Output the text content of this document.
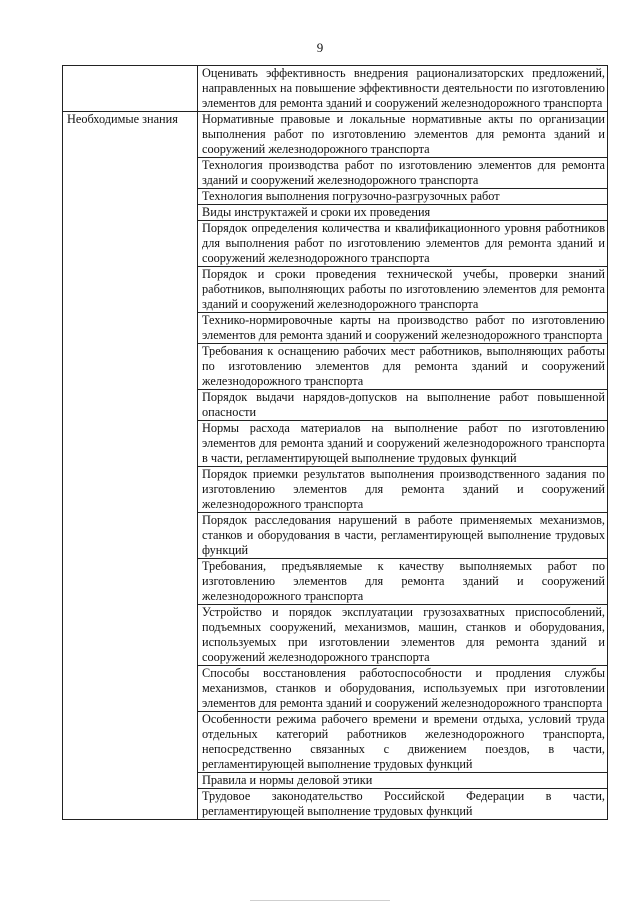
9
	Оценивать эффективность внедрения рационализаторских предложений, направленных на повышение эффективности деятельности по изготовлению элементов для ремонта зданий и сооружений железнодорожного транспорта
Необходимые знания	Нормативные правовые и локальные нормативные акты по организации выполнения работ по изготовлению элементов для ремонта зданий и сооружений железнодорожного транспорта
	Технология производства работ по изготовлению элементов для ремонта зданий и сооружений железнодорожного транспорта
	Технология выполнения погрузочно-разгрузочных работ
	Виды инструктажей и сроки их проведения
	Порядок определения количества и квалификационного уровня работников для выполнения работ по изготовлению элементов для ремонта зданий и сооружений железнодорожного транспорта
	Порядок и сроки проведения технической учебы, проверки знаний работников, выполняющих работы по изготовлению элементов для ремонта зданий и сооружений железнодорожного транспорта
	Технико-нормировочные карты на производство работ по изготовлению элементов для ремонта зданий и сооружений железнодорожного транспорта
	Требования к оснащению рабочих мест работников, выполняющих работы по изготовлению элементов для ремонта зданий и сооружений железнодорожного транспорта
	Порядок выдачи нарядов-допусков на выполнение работ повышенной опасности
	Нормы расхода материалов на выполнение работ по изготовлению элементов для ремонта зданий и сооружений железнодорожного транспорта в части, регламентирующей выполнение трудовых функций
	Порядок приемки результатов выполнения производственного задания по изготовлению элементов для ремонта зданий и сооружений железнодорожного транспорта
	Порядок расследования нарушений в работе применяемых механизмов, станков и оборудования в части, регламентирующей выполнение трудовых функций
	Требования, предъявляемые к качеству выполняемых работ по изготовлению элементов для ремонта зданий и сооружений железнодорожного транспорта
	Устройство и порядок эксплуатации грузозахватных приспособлений, подъемных сооружений, механизмов, машин, станков и оборудования, используемых при изготовлении элементов для ремонта зданий и сооружений железнодорожного транспорта
	Способы восстановления работоспособности и продления службы механизмов, станков и оборудования, используемых при изготовлении элементов для ремонта зданий и сооружений железнодорожного транспорта
	Особенности режима рабочего времени и времени отдыха, условий труда отдельных категорий работников железнодорожного транспорта, непосредственно связанных с движением поездов, в части, регламентирующей выполнение трудовых функций
	Правила и нормы деловой этики
	Трудовое законодательство Российской Федерации в части, регламентирующей выполнение трудовых функций
